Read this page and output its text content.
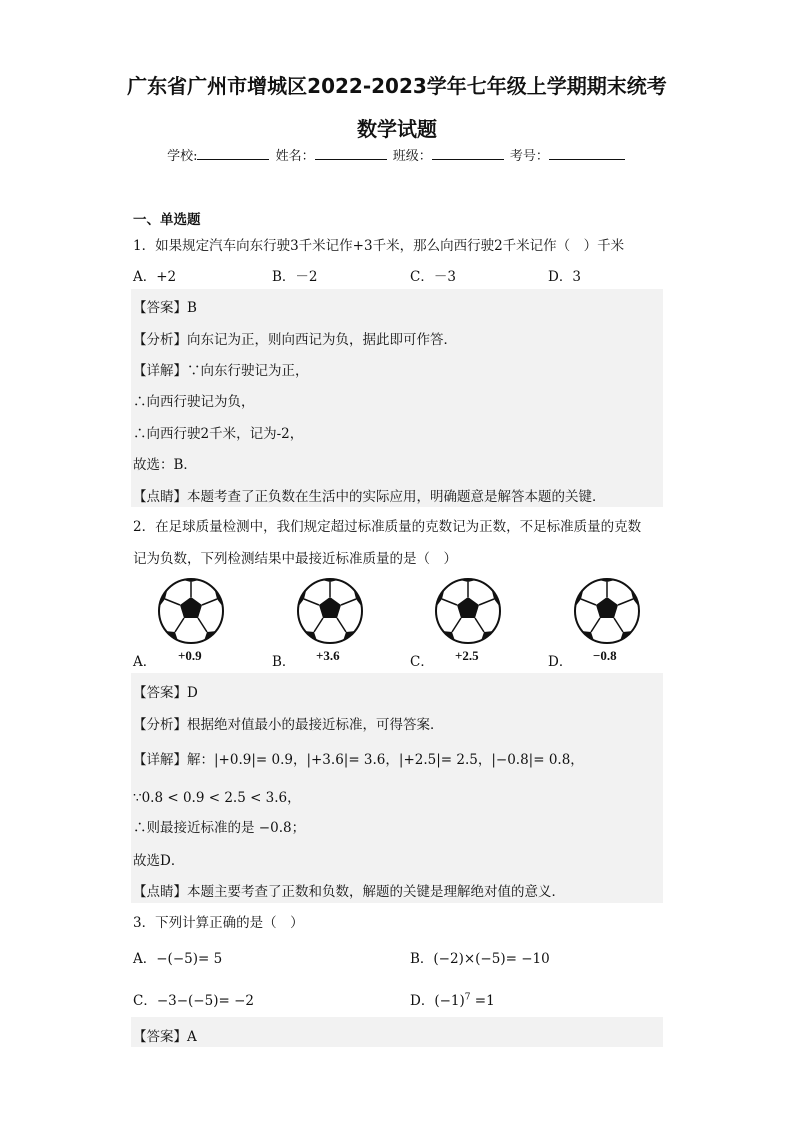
广东省广州市增城区2022-2023学年七年级上学期期末统考
数学试题
学校:	姓名：	班级：	考号：
一、单选题
1．如果规定汽车向东行驶3千米记作+3千米，那么向西行驶2千米记作（　）千米
A．+2	B．－2	C．－3	D．3
【答案】B
【分析】向东记为正，则向西记为负，据此即可作答．
【详解】∵向东行驶记为正，
∴向西行驶记为负，
∴向西行驶2千米，记为-2，
故选：B．
【点睛】本题考查了正负数在生活中的实际应用，明确题意是解答本题的关键．
2．在足球质量检测中，我们规定超过标准质量的克数记为正数，不足标准质量的克数
记为负数，下列检测结果中最接近标准质量的是（　）
A． +0.9	B． +3.6	C． +2.5	D． −0.8
【答案】D
【分析】根据绝对值最小的最接近标准，可得答案．
【详解】解：|+0.9|= 0.9，|+3.6|= 3.6，|+2.5|= 2.5，|−0.8|= 0.8，
∵0.8 < 0.9 < 2.5 < 3.6，
∴则最接近标准的是 −0.8；
故选D．
【点睛】本题主要考查了正数和负数，解题的关键是理解绝对值的意义．
3．下列计算正确的是（　）
A．−(−5)= 5	B．(−2)×(−5)= −10
C．−3−(−5)= −2	D．$(-1)^7 =1$
【答案】A
